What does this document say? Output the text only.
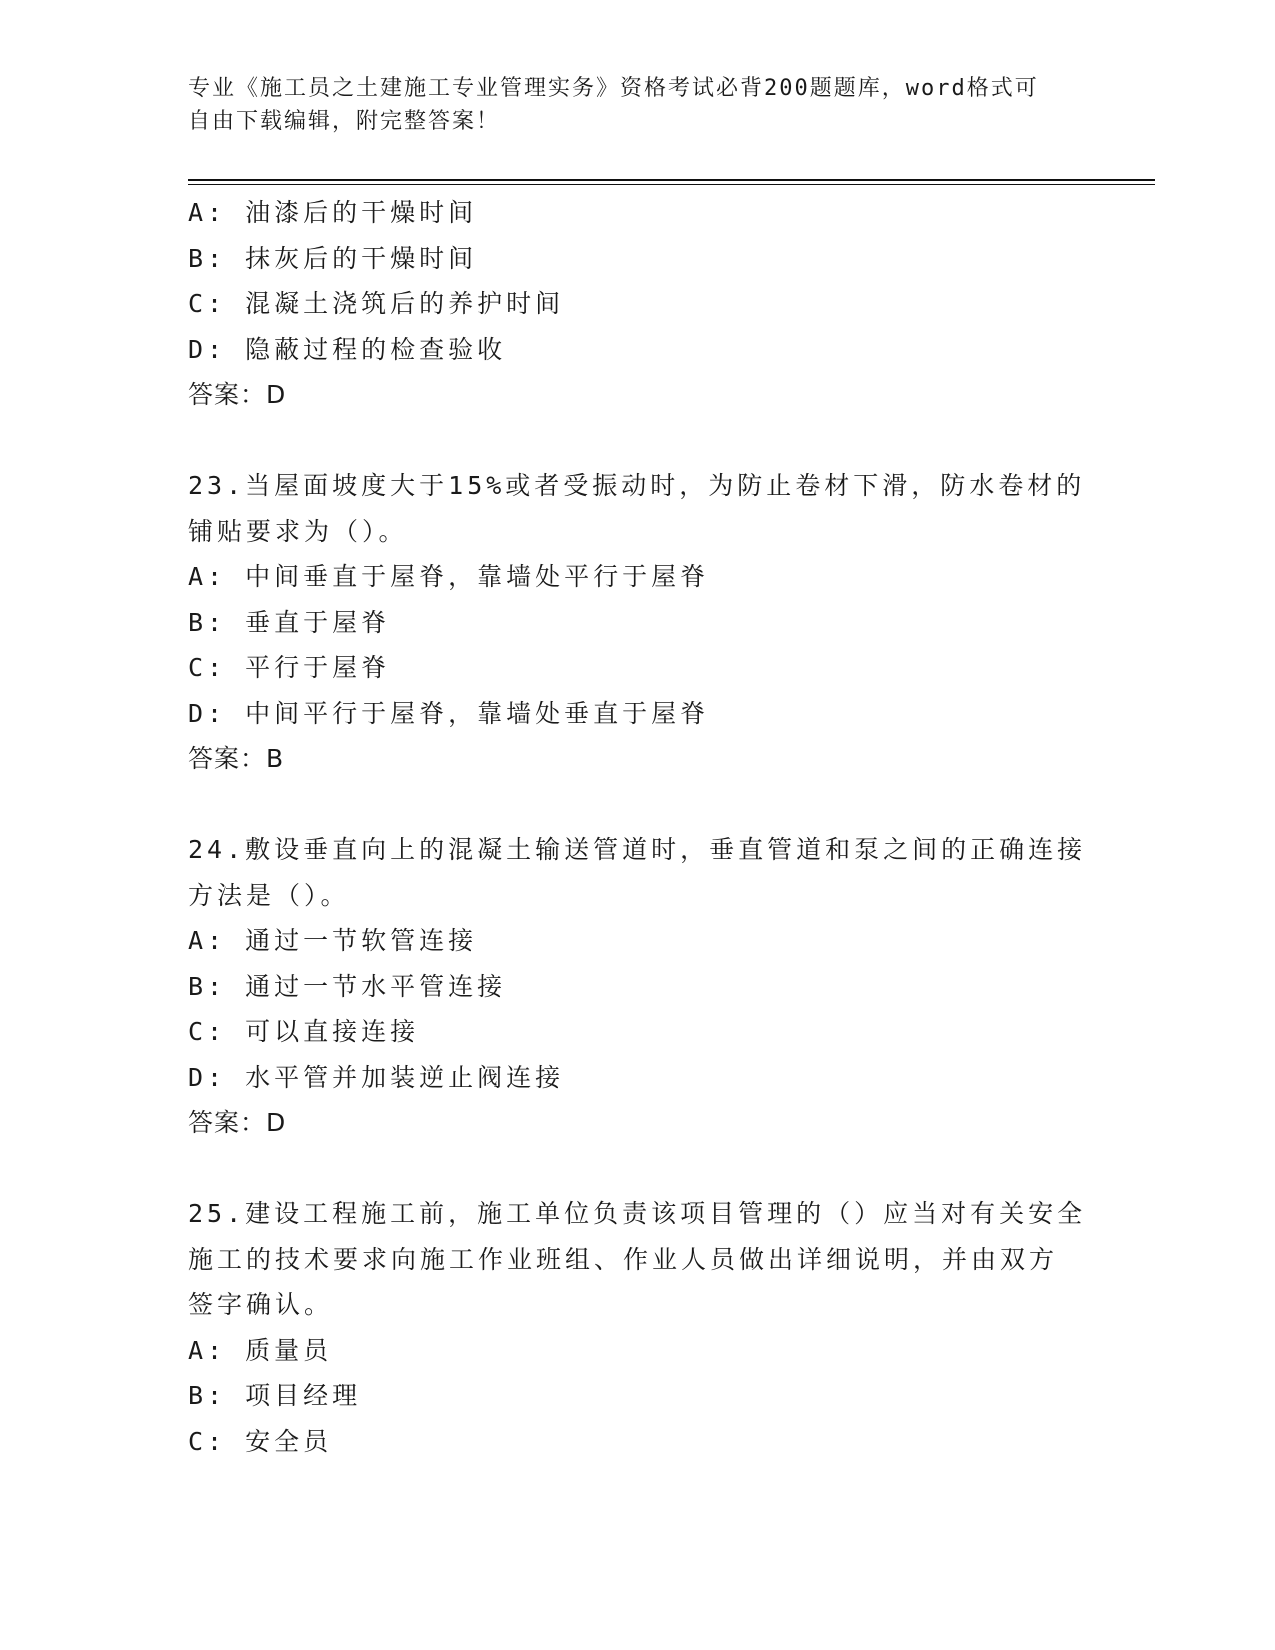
专业《施工员之土建施工专业管理实务》资格考试必背200题题库，word格式可
自由下载编辑，附完整答案！
A: 油漆后的干燥时间
B: 抹灰后的干燥时间
C: 混凝土浇筑后的养护时间
D: 隐蔽过程的检查验收
答案：D
23.当屋面坡度大于15%或者受振动时，为防止卷材下滑，防水卷材的
铺贴要求为（）。
A: 中间垂直于屋脊，靠墙处平行于屋脊
B: 垂直于屋脊
C: 平行于屋脊
D: 中间平行于屋脊，靠墙处垂直于屋脊
答案：B
24.敷设垂直向上的混凝土输送管道时，垂直管道和泵之间的正确连接
方法是（）。
A: 通过一节软管连接
B: 通过一节水平管连接
C: 可以直接连接
D: 水平管并加装逆止阀连接
答案：D
25.建设工程施工前，施工单位负责该项目管理的（）应当对有关安全
施工的技术要求向施工作业班组、作业人员做出详细说明，并由双方
签字确认。
A: 质量员
B: 项目经理
C: 安全员
